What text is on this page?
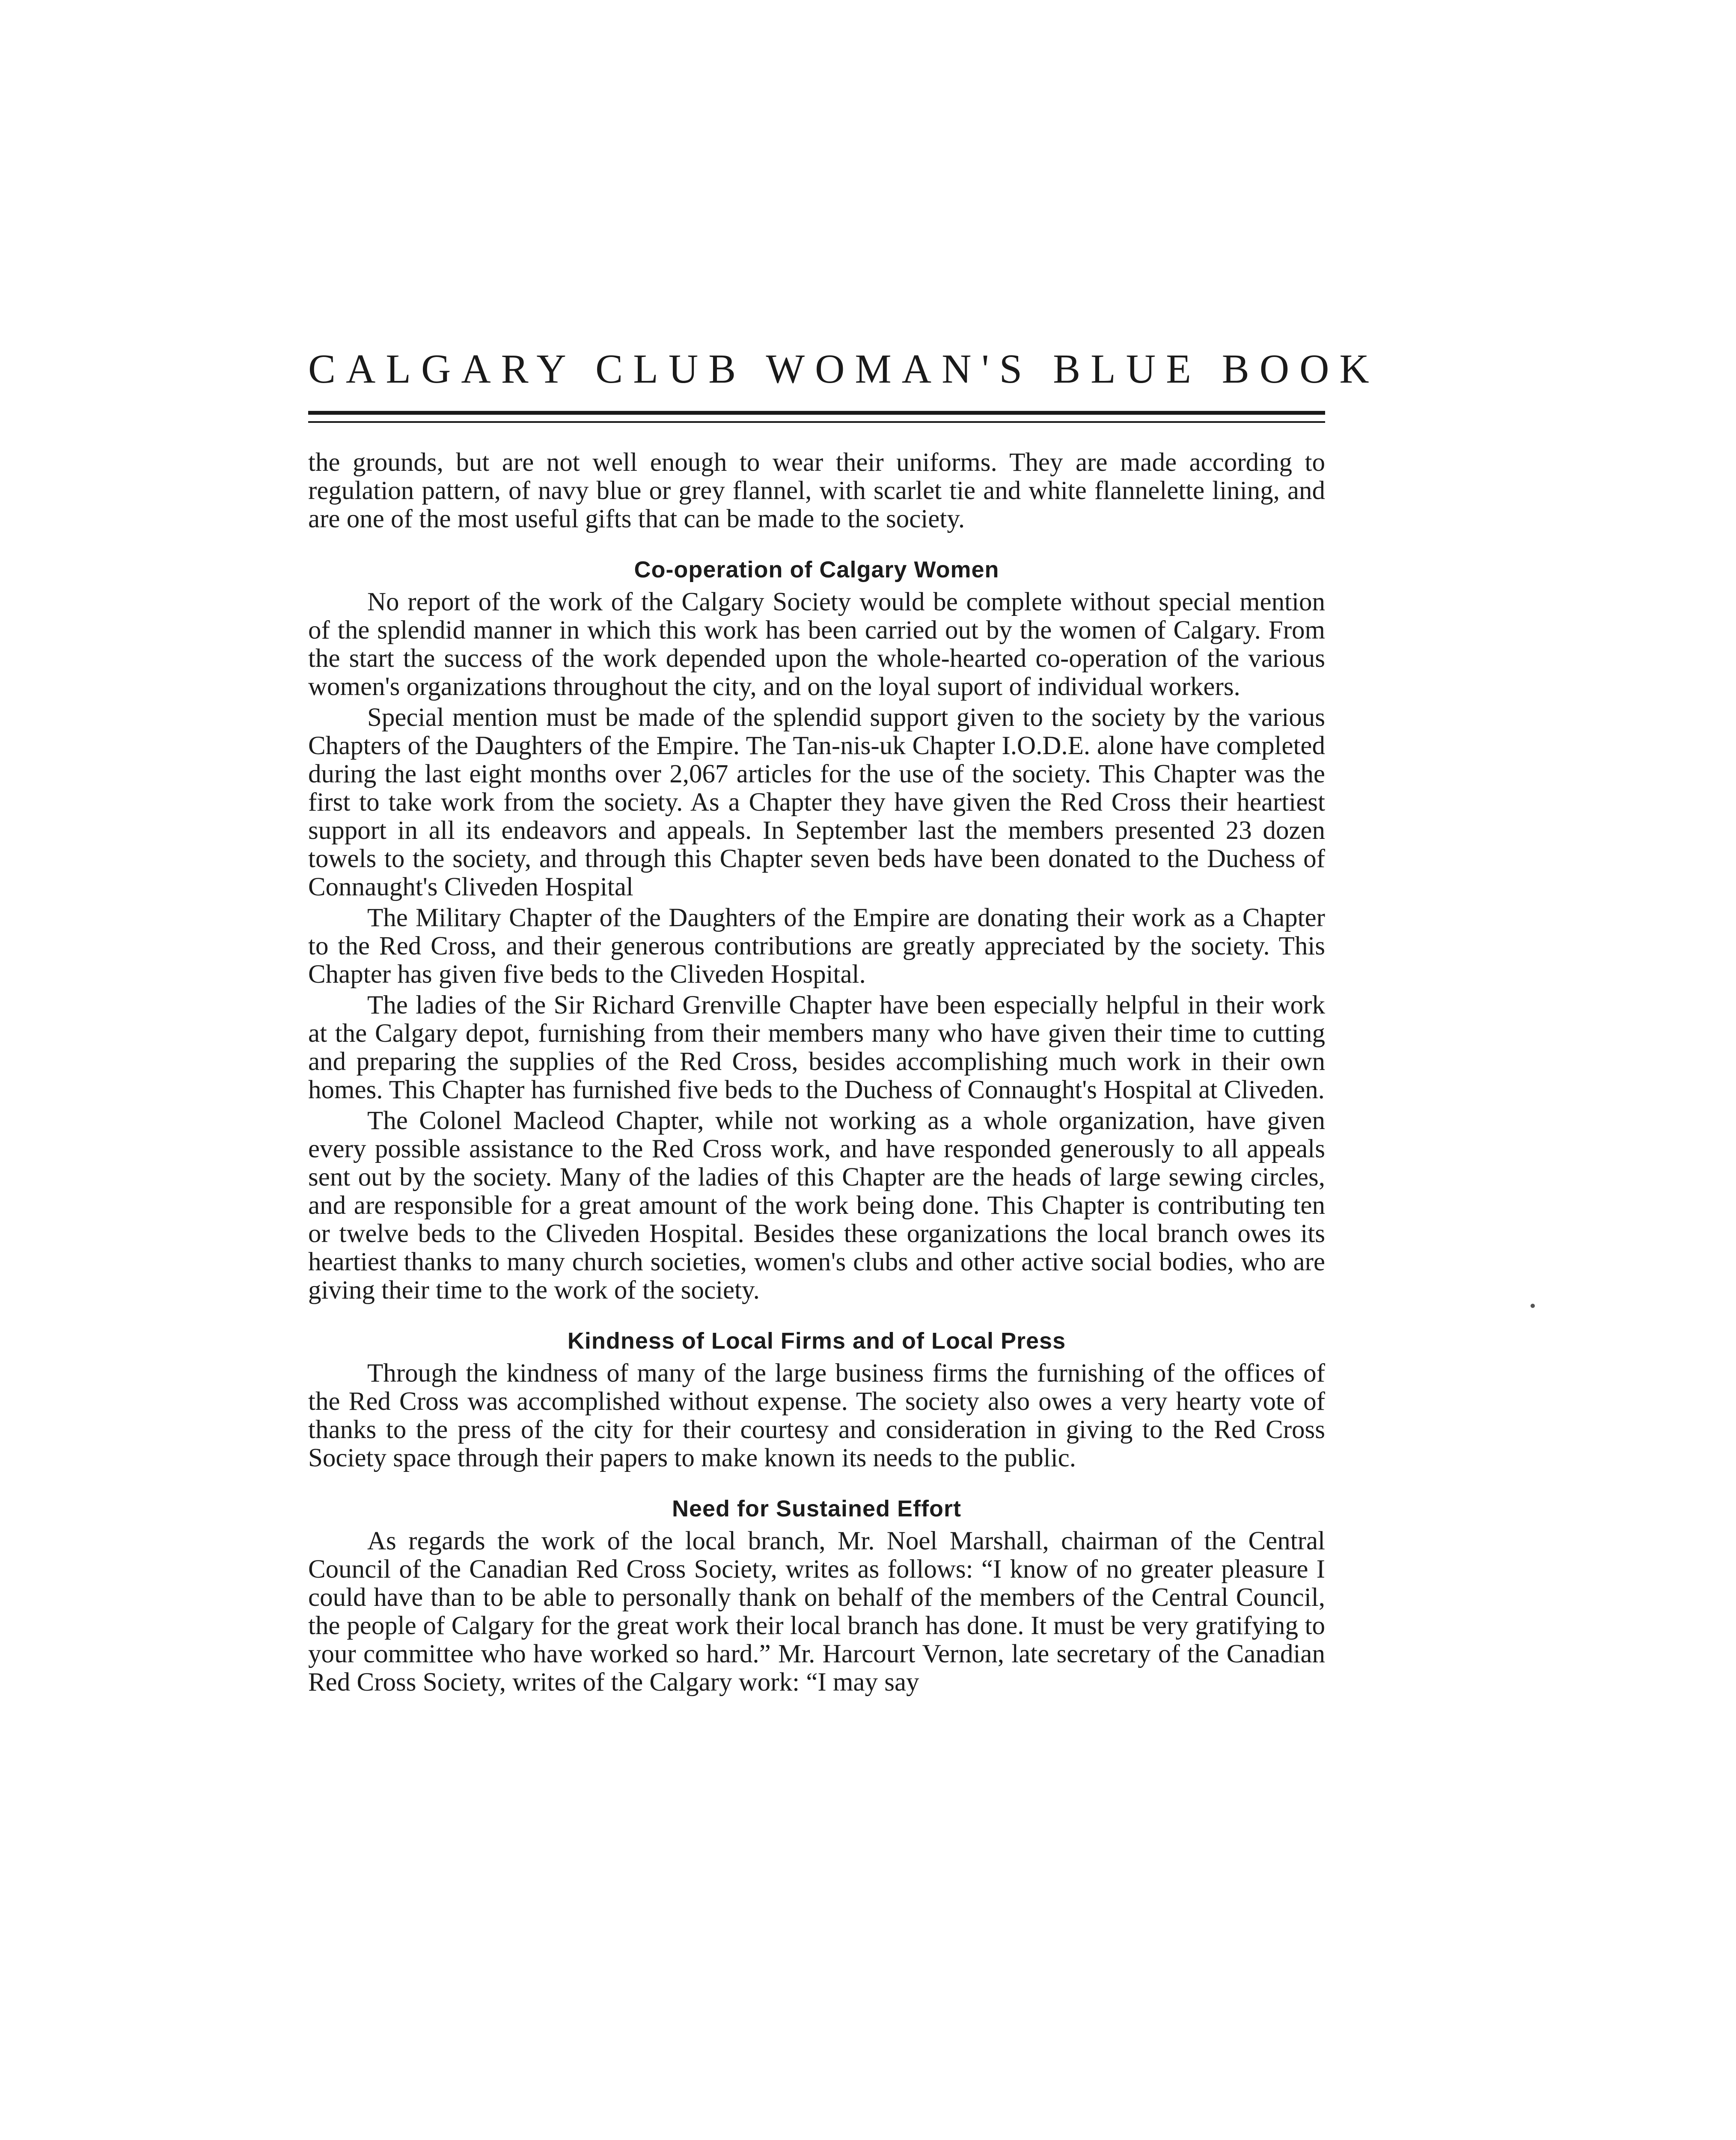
CALGARY CLUB WOMAN'S BLUE BOOK

the grounds, but are not well enough to wear their uniforms. They are made according to regulation pattern, of navy blue or grey flannel, with scarlet tie and white flannelette lining, and are one of the most useful gifts that can be made to the society.

Co-operation of Calgary Women

No report of the work of the Calgary Society would be complete without special mention of the splendid manner in which this work has been carried out by the women of Calgary. From the start the success of the work depended upon the whole-hearted co-operation of the various women's organizations throughout the city, and on the loyal suport of individual workers.

Special mention must be made of the splendid support given to the society by the various Chapters of the Daughters of the Empire. The Tan-nis-uk Chapter I.O.D.E. alone have completed during the last eight months over 2,067 articles for the use of the society. This Chapter was the first to take work from the society. As a Chapter they have given the Red Cross their heartiest support in all its endeavors and appeals. In September last the members presented 23 dozen towels to the society, and through this Chapter seven beds have been donated to the Duchess of Connaught's Cliveden Hospital

The Military Chapter of the Daughters of the Empire are donating their work as a Chapter to the Red Cross, and their generous contributions are greatly appreciated by the society. This Chapter has given five beds to the Cliveden Hospital.

The ladies of the Sir Richard Grenville Chapter have been especially helpful in their work at the Calgary depot, furnishing from their members many who have given their time to cutting and preparing the supplies of the Red Cross, besides accomplishing much work in their own homes. This Chapter has furnished five beds to the Duchess of Connaught's Hospital at Cliveden.

The Colonel Macleod Chapter, while not working as a whole organization, have given every possible assistance to the Red Cross work, and have responded generously to all appeals sent out by the society. Many of the ladies of this Chapter are the heads of large sewing circles, and are responsible for a great amount of the work being done. This Chapter is contributing ten or twelve beds to the Cliveden Hospital. Besides these organizations the local branch owes its heartiest thanks to many church societies, women's clubs and other active social bodies, who are giving their time to the work of the society.

Kindness of Local Firms and of Local Press

Through the kindness of many of the large business firms the furnishing of the offices of the Red Cross was accomplished without expense. The society also owes a very hearty vote of thanks to the press of the city for their courtesy and consideration in giving to the Red Cross Society space through their papers to make known its needs to the public.

Need for Sustained Effort

As regards the work of the local branch, Mr. Noel Marshall, chairman of the Central Council of the Canadian Red Cross Society, writes as follows: “I know of no greater pleasure I could have than to be able to personally thank on behalf of the members of the Central Council, the people of Calgary for the great work their local branch has done. It must be very gratifying to your committee who have worked so hard.” Mr. Harcourt Vernon, late secretary of the Canadian Red Cross Society, writes of the Calgary work: “I may say
